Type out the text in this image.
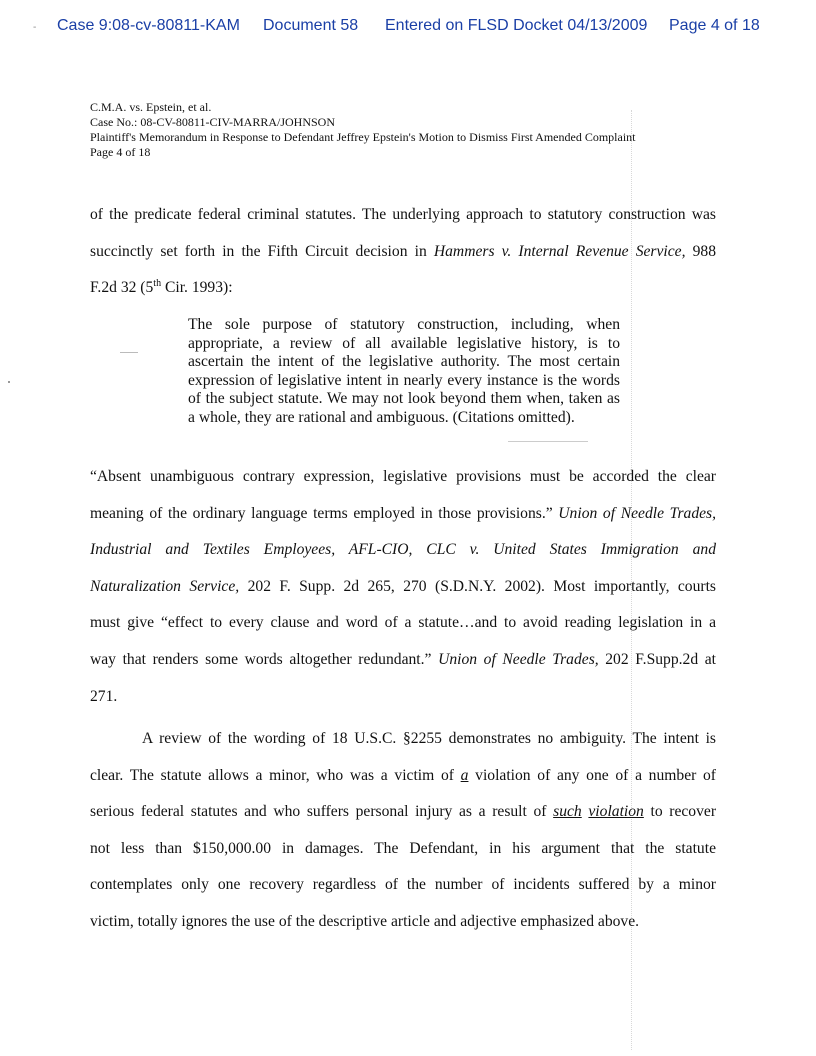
- Case 9:08-cv-80811-KAM Document 58 Entered on FLSD Docket 04/13/2009 Page 4 of 18
C.M.A. vs. Epstein, et al.
Case No.: 08-CV-80811-CIV-MARRA/JOHNSON
Plaintiff's Memorandum in Response to Defendant Jeffrey Epstein's Motion to Dismiss First Amended Complaint
Page 4 of 18
of the predicate federal criminal statutes. The underlying approach to statutory construction was
succinctly set forth in the Fifth Circuit decision in Hammers v. Internal Revenue Service, 988
F.2d 32 (5th Cir. 1993):
The sole purpose of statutory construction, including, when appropriate, a review of all available legislative history, is to ascertain the intent of the legislative authority. The most certain expression of legislative intent in nearly every instance is the words of the subject statute. We may not look beyond them when, taken as a whole, they are rational and ambiguous. (Citations omitted).
“Absent unambiguous contrary expression, legislative provisions must be accorded the clear
meaning of the ordinary language terms employed in those provisions.” Union of Needle Trades,
Industrial and Textiles Employees, AFL-CIO, CLC v. United States Immigration and
Naturalization Service, 202 F. Supp. 2d 265, 270 (S.D.N.Y. 2002). Most importantly, courts
must give “effect to every clause and word of a statute…and to avoid reading legislation in a
way that renders some words altogether redundant.” Union of Needle Trades, 202 F.Supp.2d at
271.
A review of the wording of 18 U.S.C. §2255 demonstrates no ambiguity. The intent is
clear. The statute allows a minor, who was a victim of a violation of any one of a number of
serious federal statutes and who suffers personal injury as a result of such violation to recover
not less than $150,000.00 in damages. The Defendant, in his argument that the statute
contemplates only one recovery regardless of the number of incidents suffered by a minor
victim, totally ignores the use of the descriptive article and adjective emphasized above.
